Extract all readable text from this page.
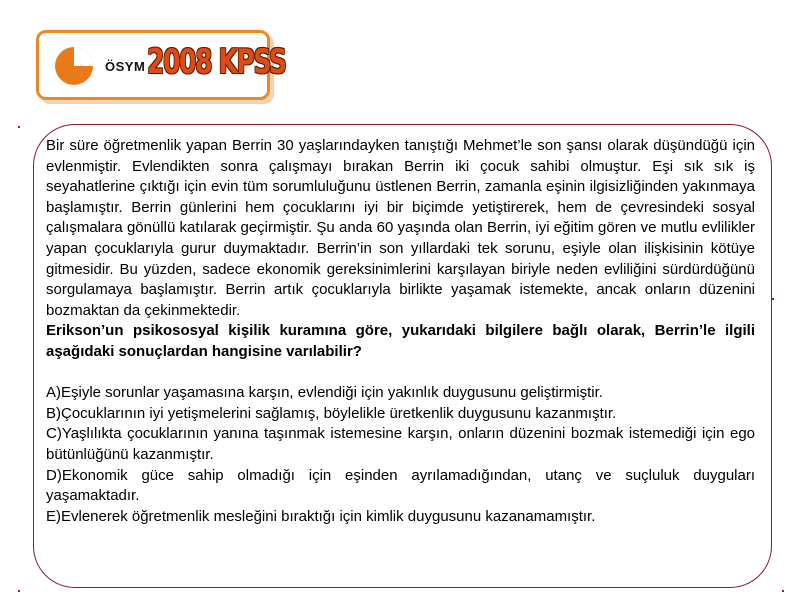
ÖSYM 2008 KPSS

Bir süre öğretmenlik yapan Berrin 30 yaşlarındayken tanıştığı Mehmet’le son şansı olarak düşündüğü için evlenmiştir. Evlendikten sonra çalışmayı bırakan Berrin iki çocuk sahibi olmuştur. Eşi sık sık iş seyahatlerine çıktığı için evin tüm sorumluluğunu üstlenen Berrin, zamanla eşinin ilgisizliğinden yakınmaya başlamıştır. Berrin günlerini hem çocuklarını iyi bir biçimde yetiştirerek, hem de çevresindeki sosyal çalışmalara gönüllü katılarak geçirmiştir. Şu anda 60 yaşında olan Berrin, iyi eğitim gören ve mutlu evlilikler yapan çocuklarıyla gurur duymaktadır. Berrin’in son yıllardaki tek sorunu, eşiyle olan ilişkisinin kötüye gitmesidir. Bu yüzden, sadece ekonomik gereksinimlerini karşılayan biriyle neden evliliğini sürdürdüğünü sorgulamaya başlamıştır. Berrin artık çocuklarıyla birlikte yaşamak istemekte, ancak onların düzenini bozmaktan da çekinmektedir.

Erikson’un psikososyal kişilik kuramına göre, yukarıdaki bilgilere bağlı olarak, Berrin’le ilgili aşağıdaki sonuçlardan hangisine varılabilir?

A)Eşiyle sorunlar yaşamasına karşın, evlendiği için yakınlık duygusunu geliştirmiştir.

B)Çocuklarının iyi yetişmelerini sağlamış, böylelikle üretkenlik duygusunu kazanmıştır.

C)Yaşlılıkta çocuklarının yanına taşınmak istemesine karşın, onların düzenini bozmak istemediği için ego bütünlüğünü kazanmıştır.

D)Ekonomik güce sahip olmadığı için eşinden ayrılamadığından, utanç ve suçluluk duyguları yaşamaktadır.

E)Evlenerek öğretmenlik mesleğini bıraktığı için kimlik duygusunu kazanamamıştır.
